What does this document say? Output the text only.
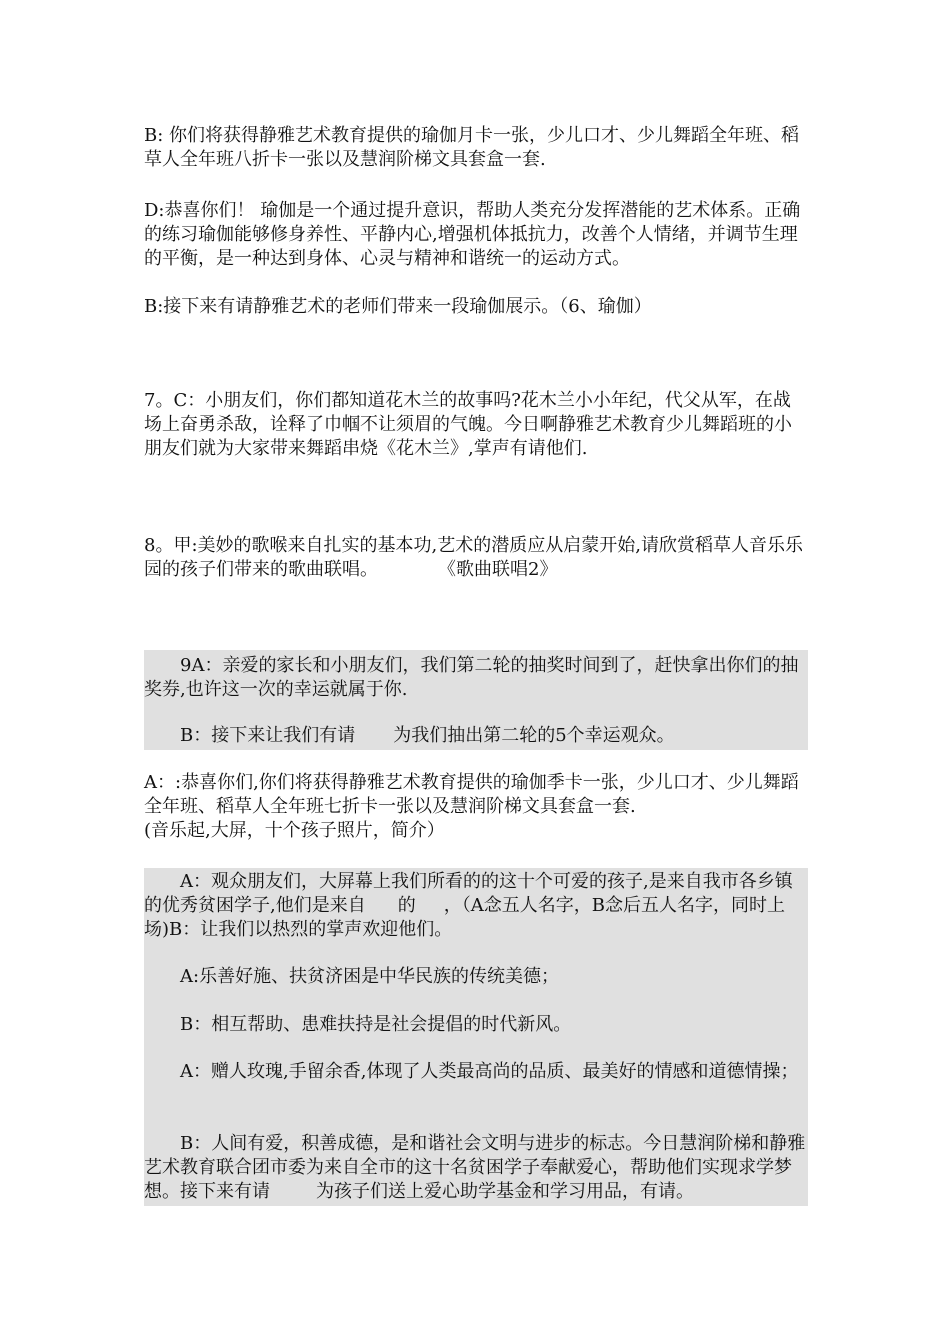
B: 你们将获得静雅艺术教育提供的瑜伽月卡一张，少儿口才、少儿舞蹈全年班、稻草人全年班八折卡一张以及慧润阶梯文具套盒一套.

D:恭喜你们！ 瑜伽是一个通过提升意识，帮助人类充分发挥潜能的艺术体系。正确的练习瑜伽能够修身养性、平静内心,增强机体抵抗力，改善个人情绪，并调节生理的平衡，是一种达到身体、心灵与精神和谐统一的运动方式。

B:接下来有请静雅艺术的老师们带来一段瑜伽展示。（6、瑜伽）

7。C：小朋友们，你们都知道花木兰的故事吗?花木兰小小年纪，代父从军，在战场上奋勇杀敌，诠释了巾帼不让须眉的气魄。今日啊静雅艺术教育少儿舞蹈班的小朋友们就为大家带来舞蹈串烧《花木兰》,掌声有请他们.

8。甲:美妙的歌喉来自扎实的基本功,艺术的潜质应从启蒙开始,请欣赏稻草人音乐乐园的孩子们带来的歌曲联唱。	《歌曲联唱2》

9A：亲爱的家长和小朋友们，我们第二轮的抽奖时间到了，赶快拿出你们的抽奖券,也许这一次的幸运就属于你.

B：接下来让我们有请 为我们抽出第二轮的5个幸运观众。

A：:恭喜你们,你们将获得静雅艺术教育提供的瑜伽季卡一张，少儿口才、少儿舞蹈全年班、稻草人全年班七折卡一张以及慧润阶梯文具套盒一套.

(音乐起,大屏，十个孩子照片，简介）

A：观众朋友们，大屏幕上我们所看的的这十个可爱的孩子,是来自我市各乡镇的优秀贫困学子,他们是来自 的 ，（A念五人名字，B念后五人名字，同时上场)B：让我们以热烈的掌声欢迎他们。

A:乐善好施、扶贫济困是中华民族的传统美德；

B：相互帮助、患难扶持是社会提倡的时代新风。

A：赠人玫瑰,手留余香,体现了人类最高尚的品质、最美好的情感和道德情操；

B：人间有爱，积善成德，是和谐社会文明与进步的标志。今日慧润阶梯和静雅艺术教育联合团市委为来自全市的这十名贫困学子奉献爱心，帮助他们实现求学梦想。接下来有请	为孩子们送上爱心助学基金和学习用品，有请。
